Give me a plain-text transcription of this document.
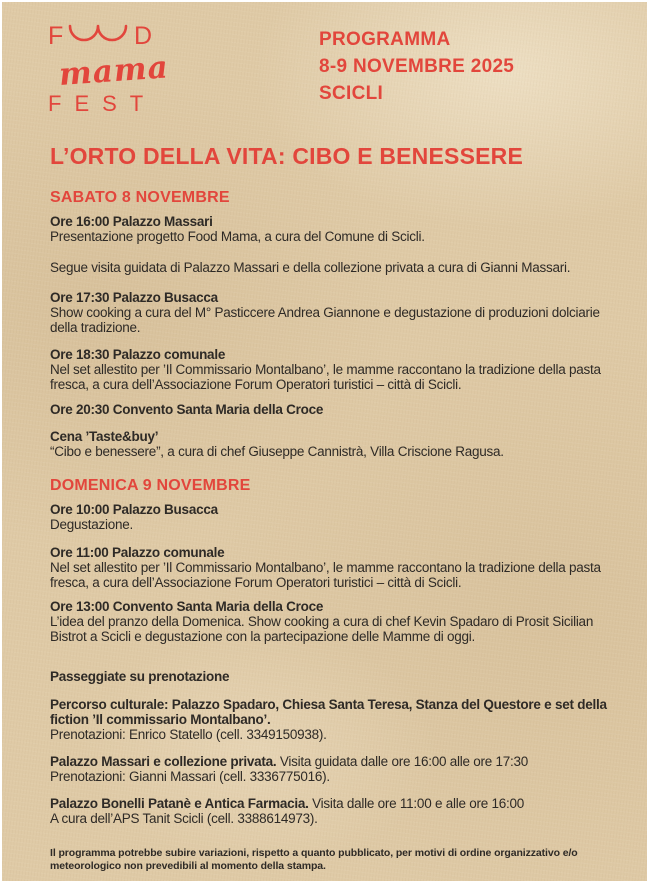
F	D
mama
FEST
PROGRAMMA
8-9 NOVEMBRE 2025
SCICLI
L’ORTO DELLA VITA: CIBO E BENESSERE
SABATO 8 NOVEMBRE
Ore 16:00 Palazzo Massari
Presentazione progetto Food Mama, a cura del Comune di Scicli.
Segue visita guidata di Palazzo Massari e della collezione privata a cura di Gianni Massari.
Ore 17:30 Palazzo Busacca
Show cooking a cura del M° Pasticcere Andrea Giannone e degustazione di produzioni dolciarie della tradizione.
Ore 18:30 Palazzo comunale
Nel set allestito per ’Il Commissario Montalbano’, le mamme raccontano la tradizione della pasta fresca, a cura dell’Associazione Forum Operatori turistici – città di Scicli.
Ore 20:30 Convento Santa Maria della Croce
Cena ’Taste&buy’
“Cibo e benessere”, a cura di chef Giuseppe Cannistrà, Villa Criscione Ragusa.
DOMENICA 9 NOVEMBRE
Ore 10:00 Palazzo Busacca
Degustazione.
Ore 11:00 Palazzo comunale
Nel set allestito per ’Il Commissario Montalbano’, le mamme raccontano la tradizione della pasta fresca, a cura dell’Associazione Forum Operatori turistici – città di Scicli.
Ore 13:00 Convento Santa Maria della Croce
L’idea del pranzo della Domenica. Show cooking a cura di chef Kevin Spadaro di Prosit Sicilian Bistrot a Scicli e degustazione con la partecipazione delle Mamme di oggi.
Passeggiate su prenotazione
Percorso culturale: Palazzo Spadaro, Chiesa Santa Teresa, Stanza del Questore e set della fiction ’Il commissario Montalbano’.
Prenotazioni: Enrico Statello (cell. 3349150938).
Palazzo Massari e collezione privata. Visita guidata dalle ore 16:00 alle ore 17:30
Prenotazioni: Gianni Massari (cell. 3336775016).
Palazzo Bonelli Patanè e Antica Farmacia. Visita dalle ore 11:00 e alle ore 16:00
A cura dell’APS Tanit Scicli (cell. 3388614973).
Il programma potrebbe subire variazioni, rispetto a quanto pubblicato, per motivi di ordine organizzativo e/o meteorologico non prevedibili al momento della stampa.
